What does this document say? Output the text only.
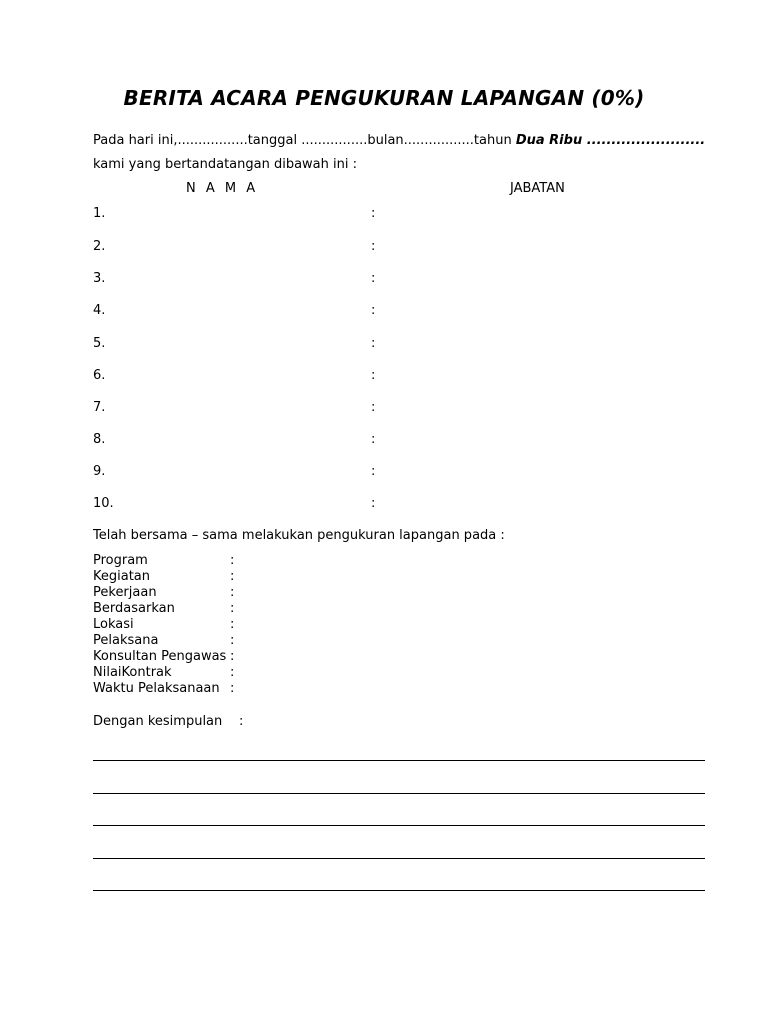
BERITA ACARA PENGUKURAN LAPANGAN (0%)
Pada hari ini,.................tanggal ................bulan.................tahun Dua Ribu ........................
kami yang bertandatangan dibawah ini :
N A M A	JABATAN
1.	:
2.	:
3.	:
4.	:
5.	:
6.	:
7.	:
8.	:
9.	:
10.	:
Telah bersama – sama melakukan pengukuran lapangan pada :
Program	:
Kegiatan	:
Pekerjaan	:
Berdasarkan	:
Lokasi	:
Pelaksana	:
Konsultan Pengawas :
NilaiKontrak	:
Waktu Pelaksanaan :
Dengan kesimpulan :
